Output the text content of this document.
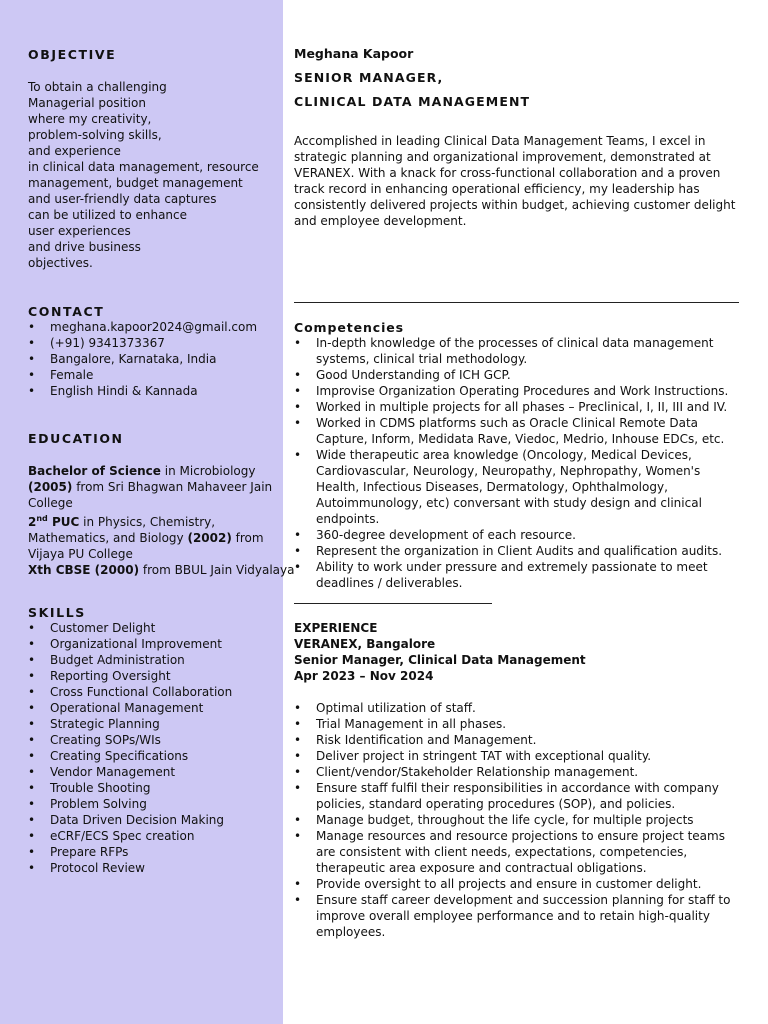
OBJECTIVE
To obtain a challenging
Managerial position
where my creativity,
problem-solving skills,
and experience
in clinical data management, resource
management, budget management
and user-friendly data captures
can be utilized to enhance
user experiences
and drive business
objectives.
CONTACT
• meghana.kapoor2024@gmail.com
• (+91) 9341373367
• Bangalore, Karnataka, India
• Female
• English Hindi & Kannada
EDUCATION
Bachelor of Science in Microbiology
(2005) from Sri Bhagwan Mahaveer Jain
College
2nd PUC in Physics, Chemistry,
Mathematics, and Biology (2002) from
Vijaya PU College
Xth CBSE (2000) from BBUL Jain Vidyalaya
SKILLS
• Customer Delight
• Organizational Improvement
• Budget Administration
• Reporting Oversight
• Cross Functional Collaboration
• Operational Management
• Strategic Planning
• Creating SOPs/WIs
• Creating Specifications
• Vendor Management
• Trouble Shooting
• Problem Solving
• Data Driven Decision Making
• eCRF/ECS Spec creation
• Prepare RFPs
• Protocol Review
Meghana Kapoor
SENIOR MANAGER,
CLINICAL DATA MANAGEMENT

Accomplished in leading Clinical Data Management Teams, I excel in strategic planning and organizational improvement, demonstrated at VERANEX. With a knack for cross-functional collaboration and a proven track record in enhancing operational efficiency, my leadership has consistently delivered projects within budget, achieving customer delight and employee development.

Competencies
• In-depth knowledge of the processes of clinical data management systems, clinical trial methodology.
• Good Understanding of ICH GCP.
• Improvise Organization Operating Procedures and Work Instructions.
• Worked in multiple projects for all phases – Preclinical, I, II, III and IV.
• Worked in CDMS platforms such as Oracle Clinical Remote Data Capture, Inform, Medidata Rave, Viedoc, Medrio, Inhouse EDCs, etc.
• Wide therapeutic area knowledge (Oncology, Medical Devices, Cardiovascular, Neurology, Neuropathy, Nephropathy, Women's Health, Infectious Diseases, Dermatology, Ophthalmology, Autoimmunology, etc) conversant with study design and clinical endpoints.
• 360-degree development of each resource.
• Represent the organization in Client Audits and qualification audits.
• Ability to work under pressure and extremely passionate to meet deadlines / deliverables.
EXPERIENCE
VERANEX, Bangalore
Senior Manager, Clinical Data Management
Apr 2023 – Nov 2024
• Optimal utilization of staff.
• Trial Management in all phases.
• Risk Identification and Management.
• Deliver project in stringent TAT with exceptional quality.
• Client/vendor/Stakeholder Relationship management.
• Ensure staff fulfil their responsibilities in accordance with company policies, standard operating procedures (SOP), and policies.
• Manage budget, throughout the life cycle, for multiple projects
• Manage resources and resource projections to ensure project teams are consistent with client needs, expectations, competencies, therapeutic area exposure and contractual obligations.
• Provide oversight to all projects and ensure in customer delight.
• Ensure staff career development and succession planning for staff to improve overall employee performance and to retain high-quality employees.
